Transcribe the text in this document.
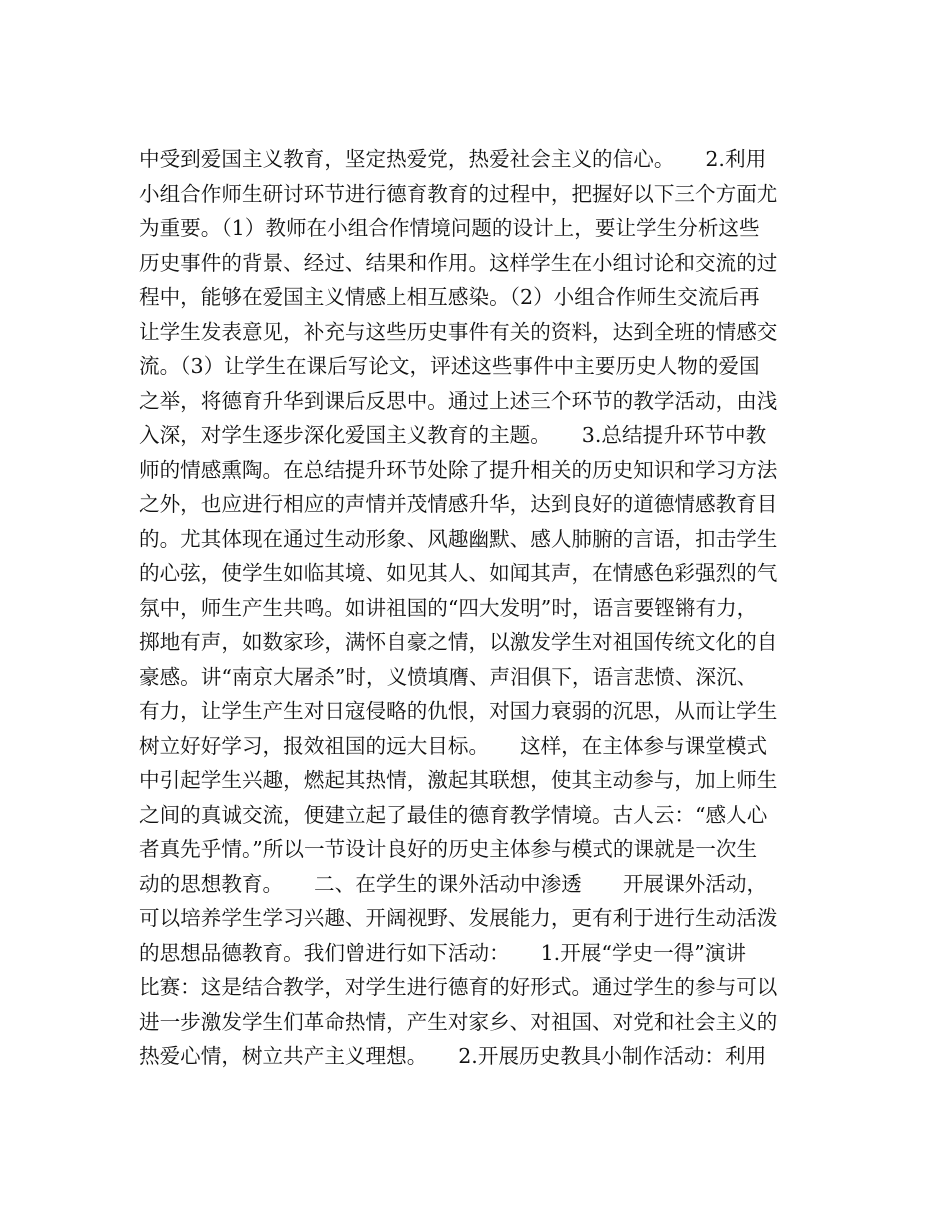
中受到爱国主义教育，坚定热爱党，热爱社会主义的信心。　　2.利用
小组合作师生研讨环节进行德育教育的过程中，把握好以下三个方面尤
为重要。（1）教师在小组合作情境问题的设计上，要让学生分析这些
历史事件的背景、经过、结果和作用。这样学生在小组讨论和交流的过
程中，能够在爱国主义情感上相互感染。（2）小组合作师生交流后再
让学生发表意见，补充与这些历史事件有关的资料，达到全班的情感交
流。（3）让学生在课后写论文，评述这些事件中主要历史人物的爱国
之举，将德育升华到课后反思中。通过上述三个环节的教学活动，由浅
入深，对学生逐步深化爱国主义教育的主题。　　3.总结提升环节中教
师的情感熏陶。在总结提升环节处除了提升相关的历史知识和学习方法
之外，也应进行相应的声情并茂情感升华，达到良好的道德情感教育目
的。尤其体现在通过生动形象、风趣幽默、感人肺腑的言语，扣击学生
的心弦，使学生如临其境、如见其人、如闻其声，在情感色彩强烈的气
氛中，师生产生共鸣。如讲祖国的“四大发明”时，语言要铿锵有力，
掷地有声，如数家珍，满怀自豪之情，以激发学生对祖国传统文化的自
豪感。讲“南京大屠杀”时，义愤填膺、声泪俱下，语言悲愤、深沉、
有力，让学生产生对日寇侵略的仇恨，对国力衰弱的沉思，从而让学生
树立好好学习，报效祖国的远大目标。　　这样，在主体参与课堂模式
中引起学生兴趣，燃起其热情，激起其联想，使其主动参与，加上师生
之间的真诚交流，便建立起了最佳的德育教学情境。古人云：“感人心
者真先乎情。”所以一节设计良好的历史主体参与模式的课就是一次生
动的思想教育。　　二、在学生的课外活动中渗透　　开展课外活动，
可以培养学生学习兴趣、开阔视野、发展能力，更有利于进行生动活泼
的思想品德教育。我们曾进行如下活动：　　1.开展“学史一得”演讲
比赛：这是结合教学，对学生进行德育的好形式。通过学生的参与可以
进一步激发学生们革命热情，产生对家乡、对祖国、对党和社会主义的
热爱心情，树立共产主义理想。　　2.开展历史教具小制作活动：利用
